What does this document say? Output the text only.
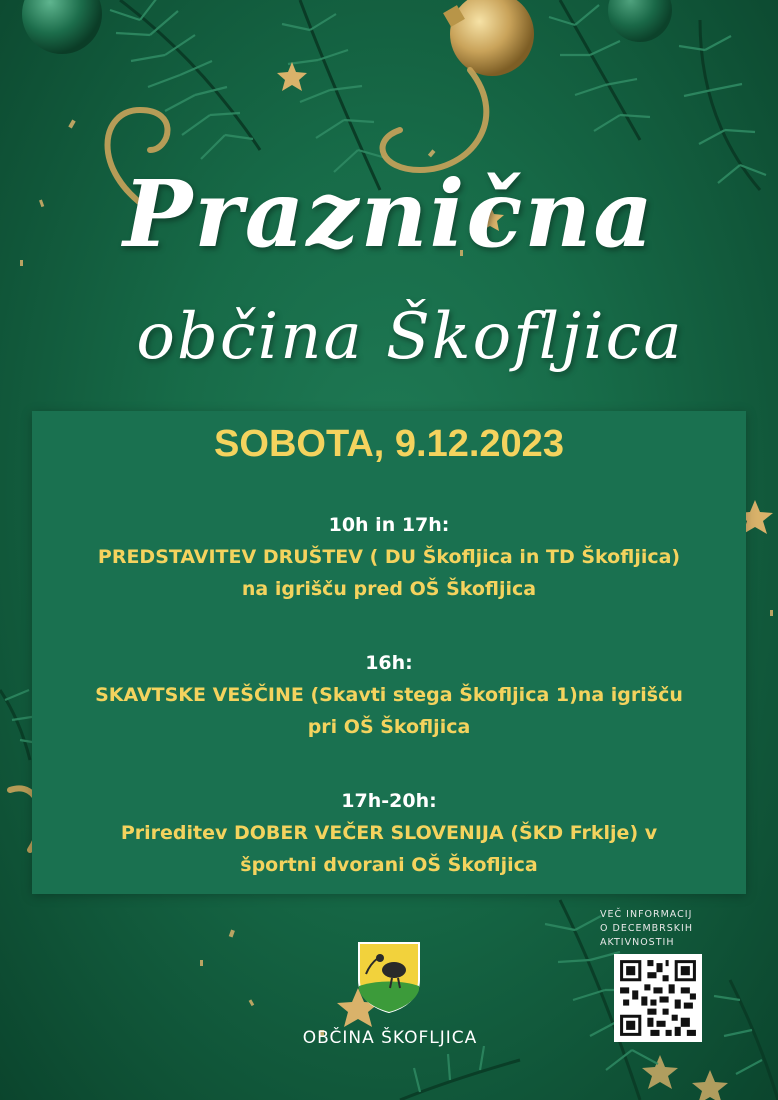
Praznična
občina Škofljica
SOBOTA, 9.12.2023
10h in 17h:
PREDSTAVITEV DRUŠTEV ( DU Škofljica in TD Škofljica)
na igrišču pred OŠ Škofljica
16h:
SKAVTSKE VEŠČINE (Skavti stega Škofljica 1)na igrišču
pri OŠ Škofljica
17h-20h:
Prireditev DOBER VEČER SLOVENIJA (ŠKD Frklje) v
športni dvorani OŠ Škofljica
OBČINA ŠKOFLJICA
VEČ INFORMACIJ
O DECEMBRSKIH
AKTIVNOSTIH
